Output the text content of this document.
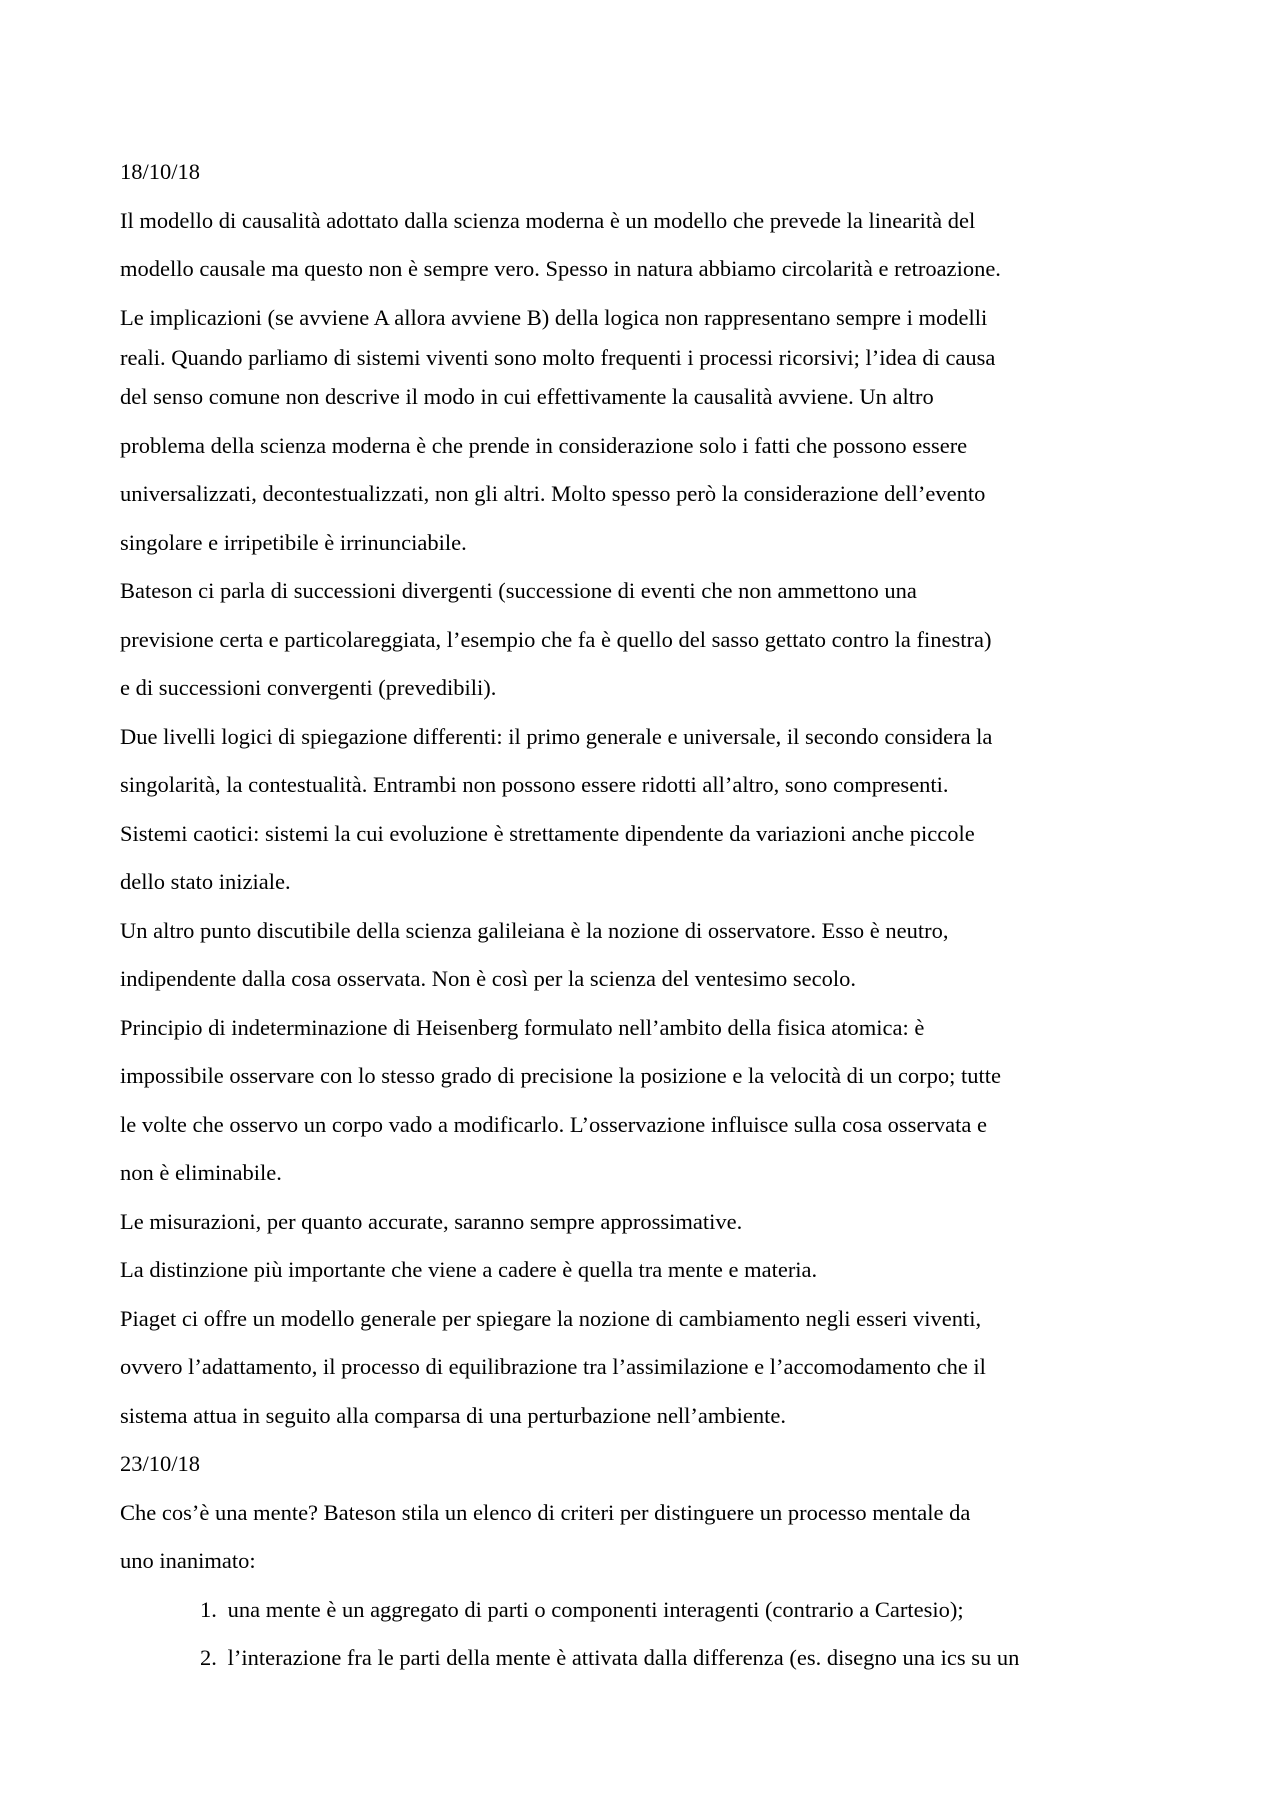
18/10/18
Il modello di causalità adottato dalla scienza moderna è un modello che prevede la linearità del
modello causale ma questo non è sempre vero. Spesso in natura abbiamo circolarità e retroazione.
Le implicazioni (se avviene A allora avviene B) della logica non rappresentano sempre i modelli
reali. Quando parliamo di sistemi viventi sono molto frequenti i processi ricorsivi; l’idea di causa
del senso comune non descrive il modo in cui effettivamente la causalità avviene. Un altro
problema della scienza moderna è che prende in considerazione solo i fatti che possono essere
universalizzati, decontestualizzati, non gli altri. Molto spesso però la considerazione dell’evento
singolare e irripetibile è irrinunciabile.
Bateson ci parla di successioni divergenti (successione di eventi che non ammettono una
previsione certa e particolareggiata, l’esempio che fa è quello del sasso gettato contro la finestra)
e di successioni convergenti (prevedibili).
Due livelli logici di spiegazione differenti: il primo generale e universale, il secondo considera la
singolarità, la contestualità. Entrambi non possono essere ridotti all’altro, sono compresenti.
Sistemi caotici: sistemi la cui evoluzione è strettamente dipendente da variazioni anche piccole
dello stato iniziale.
Un altro punto discutibile della scienza galileiana è la nozione di osservatore. Esso è neutro,
indipendente dalla cosa osservata. Non è così per la scienza del ventesimo secolo.
Principio di indeterminazione di Heisenberg formulato nell’ambito della fisica atomica: è
impossibile osservare con lo stesso grado di precisione la posizione e la velocità di un corpo; tutte
le volte che osservo un corpo vado a modificarlo. L’osservazione influisce sulla cosa osservata e
non è eliminabile.
Le misurazioni, per quanto accurate, saranno sempre approssimative.
La distinzione più importante che viene a cadere è quella tra mente e materia.
Piaget ci offre un modello generale per spiegare la nozione di cambiamento negli esseri viventi,
ovvero l’adattamento, il processo di equilibrazione tra l’assimilazione e l’accomodamento che il
sistema attua in seguito alla comparsa di una perturbazione nell’ambiente.
23/10/18
Che cos’è una mente? Bateson stila un elenco di criteri per distinguere un processo mentale da
uno inanimato:
1. una mente è un aggregato di parti o componenti interagenti (contrario a Cartesio);
2. l’interazione fra le parti della mente è attivata dalla differenza (es. disegno una ics su un
